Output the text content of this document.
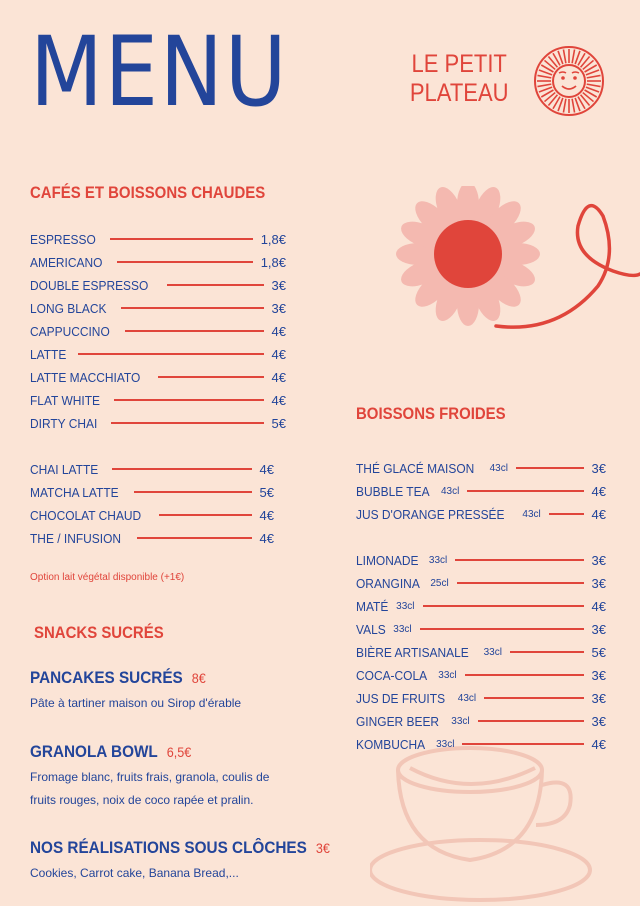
MENU	LE PETIT
PLATEAU
CAFÉS ET BOISSONS CHAUDES
ESPRESSO	1,8€
AMERICANO	1,8€
DOUBLE ESPRESSO	3€
LONG BLACK	3€
CAPPUCCINO	4€
LATTE	4€
LATTE MACCHIATO	4€
FLAT WHITE	4€
DIRTY CHAI	5€
CHAI LATTE	4€
MATCHA LATTE	5€
CHOCOLAT CHAUD	4€
THE / INFUSION	4€
Option lait végétal disponible (+1€)
SNACKS SUCRÉS
PANCAKES SUCRÉS 8€
Pâte à tartiner maison ou Sirop d'érable
GRANOLA BOWL 6,5€
Fromage blanc, fruits frais, granola, coulis de fruits rouges, noix de coco rapée et pralin.
NOS RÉALISATIONS SOUS CLÔCHES 3€
Cookies, Carrot cake, Banana Bread,...
BOISSONS FROIDES
THÉ GLACÉ MAISON 43cl	3€
BUBBLE TEA 43cl	4€
JUS D'ORANGE PRESSÉE 43cl	4€
LIMONADE 33cl	3€
ORANGINA 25cl	3€
MATÉ 33cl	4€
VALS 33cl	3€
BIÈRE ARTISANALE 33cl	5€
COCA-COLA 33cl	3€
JUS DE FRUITS 43cl	3€
GINGER BEER 33cl	3€
KOMBUCHA 33cl	4€
